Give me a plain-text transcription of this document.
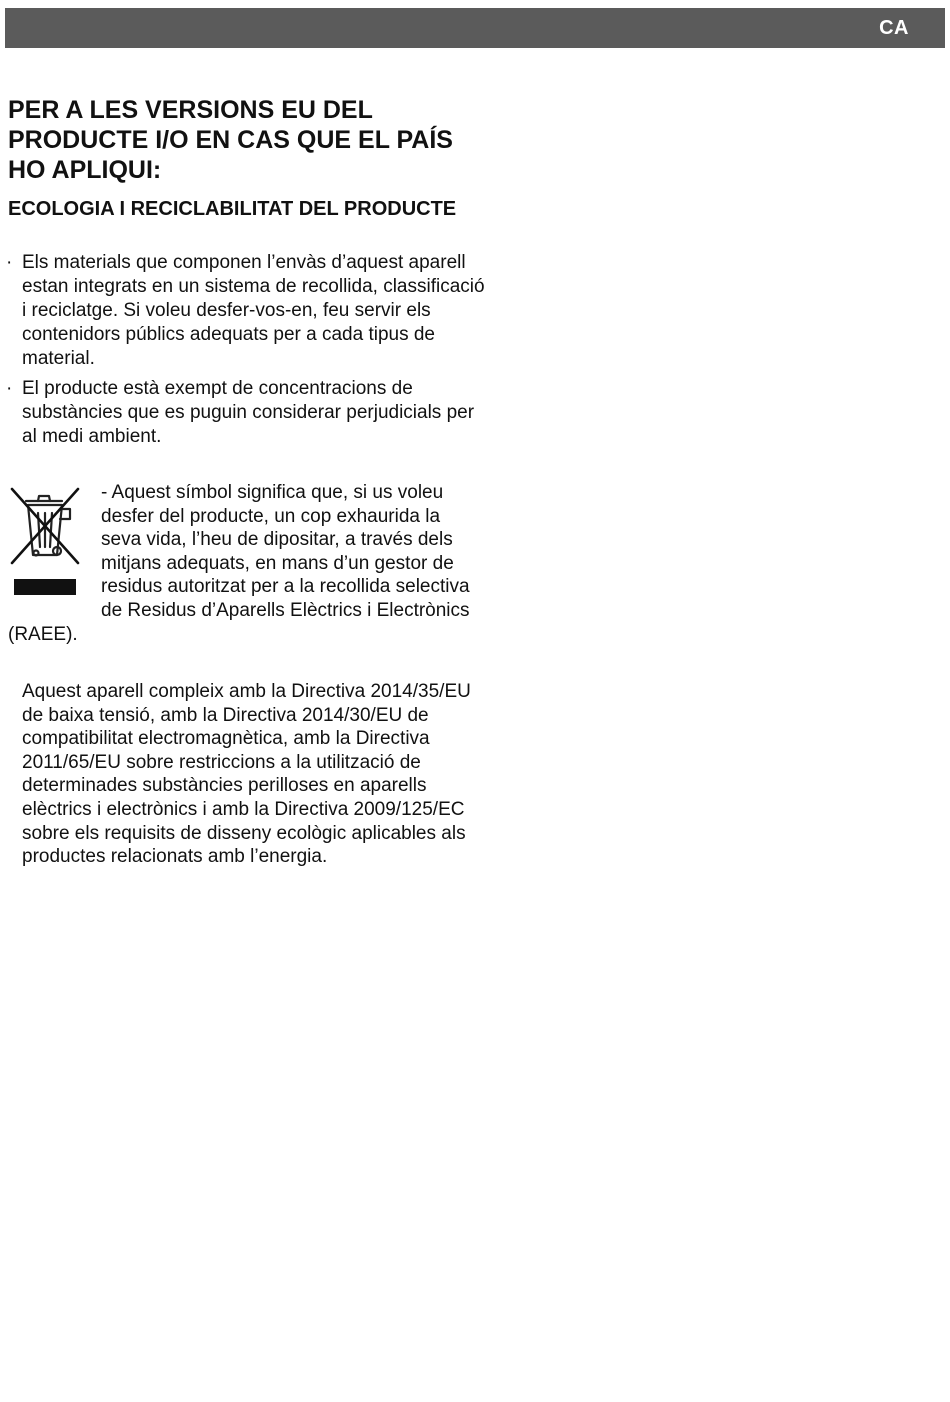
CA
PER A LES VERSIONS EU DEL PRODUCTE I/O EN CAS QUE EL PAÍS HO APLIQUI:
ECOLOGIA I RECICLABILITAT DEL PRODUCTE
· Els materials que componen l’envàs d’aquest aparell estan integrats en un sistema de recollida, classificació i reciclatge. Si voleu desfer-vos-en, feu servir els contenidors públics adequats per a cada tipus de material.
· El producte està exempt de concentracions de substàncies que es puguin considerar perjudicials per al medi ambient.

- Aquest símbol significa que, si us voleu desfer del producte, un cop exhaurida la seva vida, l’heu de dipositar, a través dels mitjans adequats, en mans d’un gestor de residus autoritzat per a la recollida selectiva de Residus d’Aparells Elèctrics i Electrònics (RAEE).

Aquest aparell compleix amb la Directiva 2014/35/EU de baixa tensió, amb la Directiva 2014/30/EU de compatibilitat electromagnètica, amb la Directiva 2011/65/EU sobre restriccions a la utilització de determinades substàncies perilloses en aparells elèctrics i electrònics i amb la Directiva 2009/125/EC sobre els requisits de disseny ecològic aplicables als productes relacionats amb l’energia.
